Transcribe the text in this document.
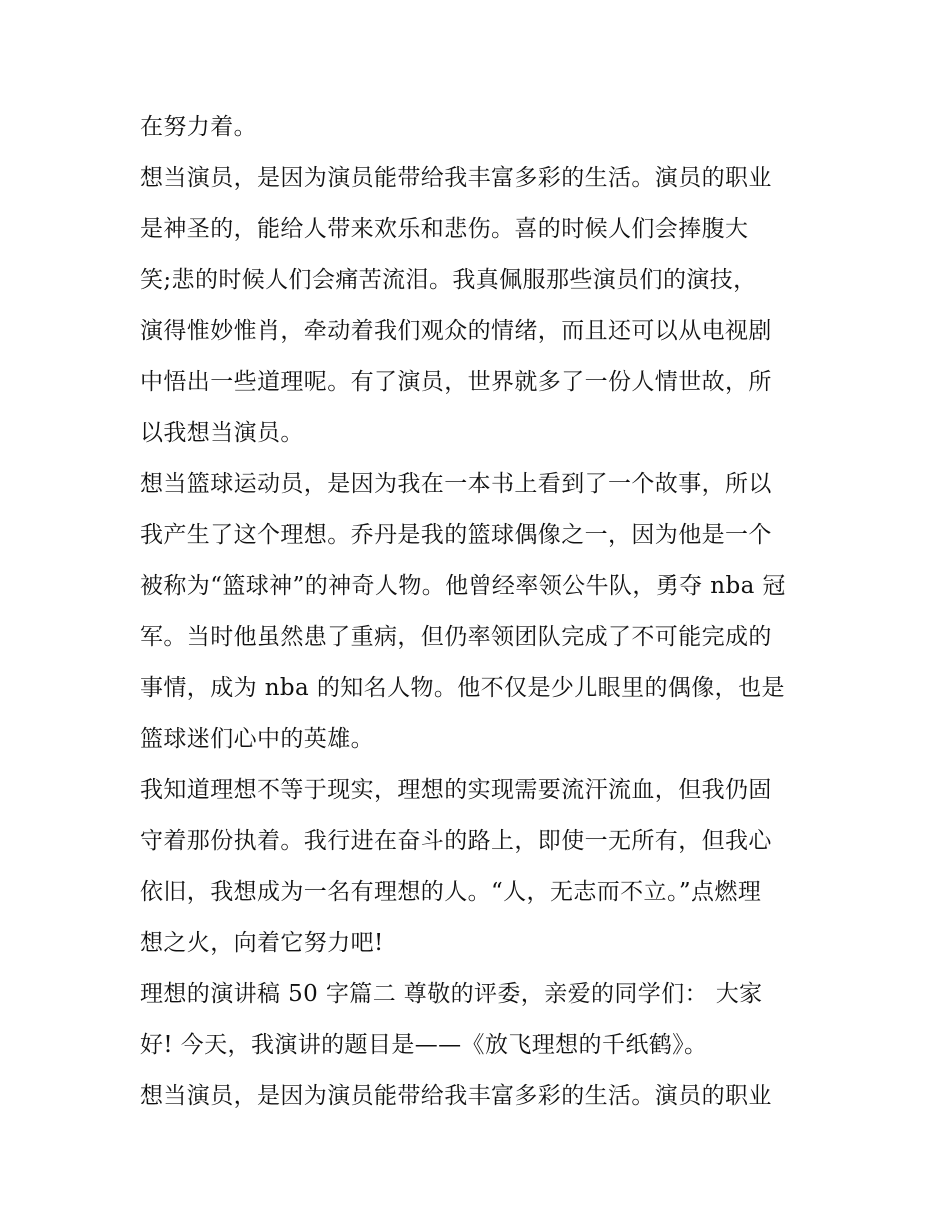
在努力着。
想当演员，是因为演员能带给我丰富多彩的生活。演员的职业
是神圣的，能给人带来欢乐和悲伤。喜的时候人们会捧腹大
笑;悲的时候人们会痛苦流泪。我真佩服那些演员们的演技，
演得惟妙惟肖，牵动着我们观众的情绪，而且还可以从电视剧
中悟出一些道理呢。有了演员，世界就多了一份人情世故，所
以我想当演员。
想当篮球运动员，是因为我在一本书上看到了一个故事，所以
我产生了这个理想。乔丹是我的篮球偶像之一，因为他是一个
被称为“篮球神”的神奇人物。他曾经率领公牛队，勇夺 nba 冠
军。当时他虽然患了重病，但仍率领团队完成了不可能完成的
事情，成为 nba 的知名人物。他不仅是少儿眼里的偶像，也是
篮球迷们心中的英雄。
我知道理想不等于现实，理想的实现需要流汗流血，但我仍固
守着那份执着。我行进在奋斗的路上，即使一无所有，但我心
依旧，我想成为一名有理想的人。“人，无志而不立。”点燃理
想之火，向着它努力吧!
理想的演讲稿 50 字篇二 尊敬的评委，亲爱的同学们： 大家
好! 今天，我演讲的题目是——《放飞理想的千纸鹤》。
想当演员，是因为演员能带给我丰富多彩的生活。演员的职业
